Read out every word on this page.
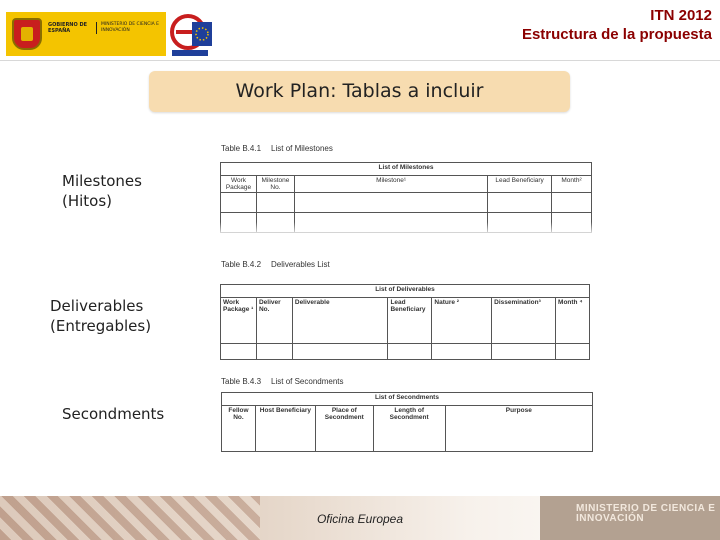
GOBIERNO DE ESPAÑA
MINISTERIO DE CIENCIA E INNOVACIÓN
ITN 2012
Estructura de la propuesta
Work Plan: Tablas a incluir
Milestones
(Hitos)
Deliverables
(Entregables)
Secondments
Table B.4.1 List of Milestones
List of Milestones				
Work Package	Milestone No.	Milestone¹	Lead Beneficiary	Month²

Table B.4.2 Deliverables List
List of Deliverables						
Work Package ¹	Deliver No.	Deliverable	Lead Beneficiary	Nature ²	Dissemination³	Month ⁴

Table B.4.3 List of Secondments
List of Secondments
Fellow No.	Host Beneficiary	Place of Secondment	Length of Secondment	Purpose
Oficina Europea
MINISTERIO DE CIENCIA E INNOVACIÓN
